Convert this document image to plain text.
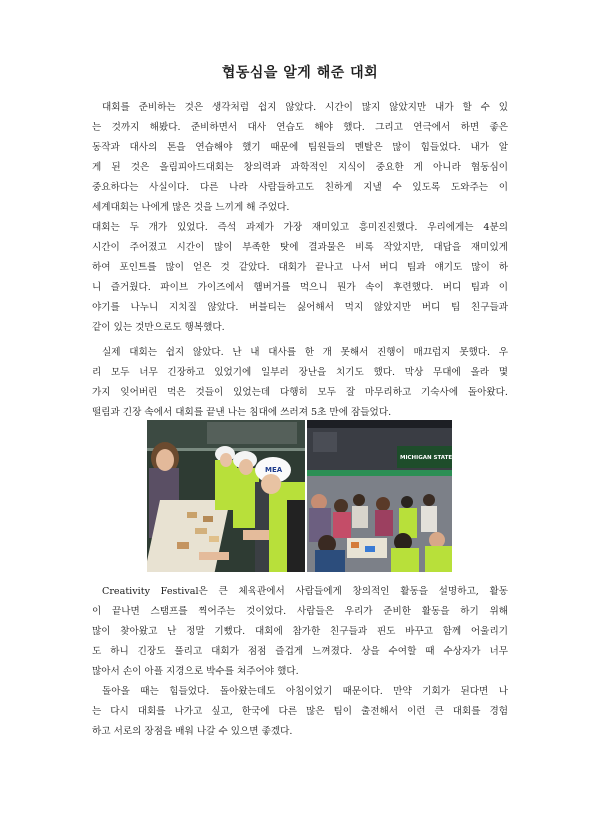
협동심을 알게 해준 대회

대회를 준비하는 것은 생각처럼 쉽지 않았다. 시간이 많지 않았지만 내가 할 수 있
는 것까지 해봤다. 준비하면서 대사 연습도 해야 했다. 그리고 연극에서 하면 좋은
동작과 대사의 톤을 연습해야 했기 때문에 팀원들의 멘탈은 많이 힘들었다. 내가 알
게 된 것은 올림피아드대회는 창의력과 과학적인 지식이 중요한 게 아니라 협동심이
중요하다는 사실이다. 다른 나라 사람들하고도 친하게 지낼 수 있도록 도와주는 이
세계대회는 나에게 많은 것을 느끼게 해 주었다.

대회는 두 개가 있었다. 즉석 과제가 가장 재미있고 흥미진진했다. 우리에게는 4분의
시간이 주어졌고 시간이 많이 부족한 탓에 결과물은 비록 작았지만, 대답을 재미있게
하여 포인트를 많이 얻은 것 같았다. 대회가 끝나고 나서 버디 팀과 얘기도 많이 하
니 즐거웠다. 파이브 가이즈에서 햄버거를 먹으니 뭔가 속이 후련했다. 버디 팀과 이
야기를 나누니 지치질 않았다. 버블티는 싫어해서 먹지 않았지만 버디 팀 친구들과
같이 있는 것만으로도 행복했다.

실제 대회는 쉽지 않았다. 난 내 대사를 한 개 못해서 진행이 매끄럽지 못했다. 우
리 모두 너무 긴장하고 있었기에 일부러 장난을 치기도 했다. 막상 무대에 올라 몇
가지 잊어버린 먹은 것들이 있었는데 다행히 모두 잘 마무리하고 기숙사에 돌아왔다.
떨림과 긴장 속에서 대회를 끝낸 나는 침대에 쓰러져 5초 만에 잠들었다.

MEA
MICHIGAN STATE

Creativity Festival은 큰 체육관에서 사람들에게 창의적인 활동을 설명하고, 활동
이 끝나면 스탬프를 찍어주는 것이었다. 사람들은 우리가 준비한 활동을 하기 위해
많이 찾아왔고 난 정말 기뻤다. 대회에 참가한 친구들과 핀도 바꾸고 함께 어울리기
도 하니 긴장도 풀리고 대회가 점점 즐겁게 느껴졌다. 상을 수여할 때 수상자가 너무
많아서 손이 아플 지경으로 박수를 쳐주어야 했다.

돌아올 때는 힘들었다. 돌아왔는데도 아침이었기 때문이다. 만약 기회가 된다면 나
는 다시 대회를 나가고 싶고, 한국에 다른 많은 팀이 출전해서 이런 큰 대회를 경험
하고 서로의 장점을 배워 나갈 수 있으면 좋겠다.
